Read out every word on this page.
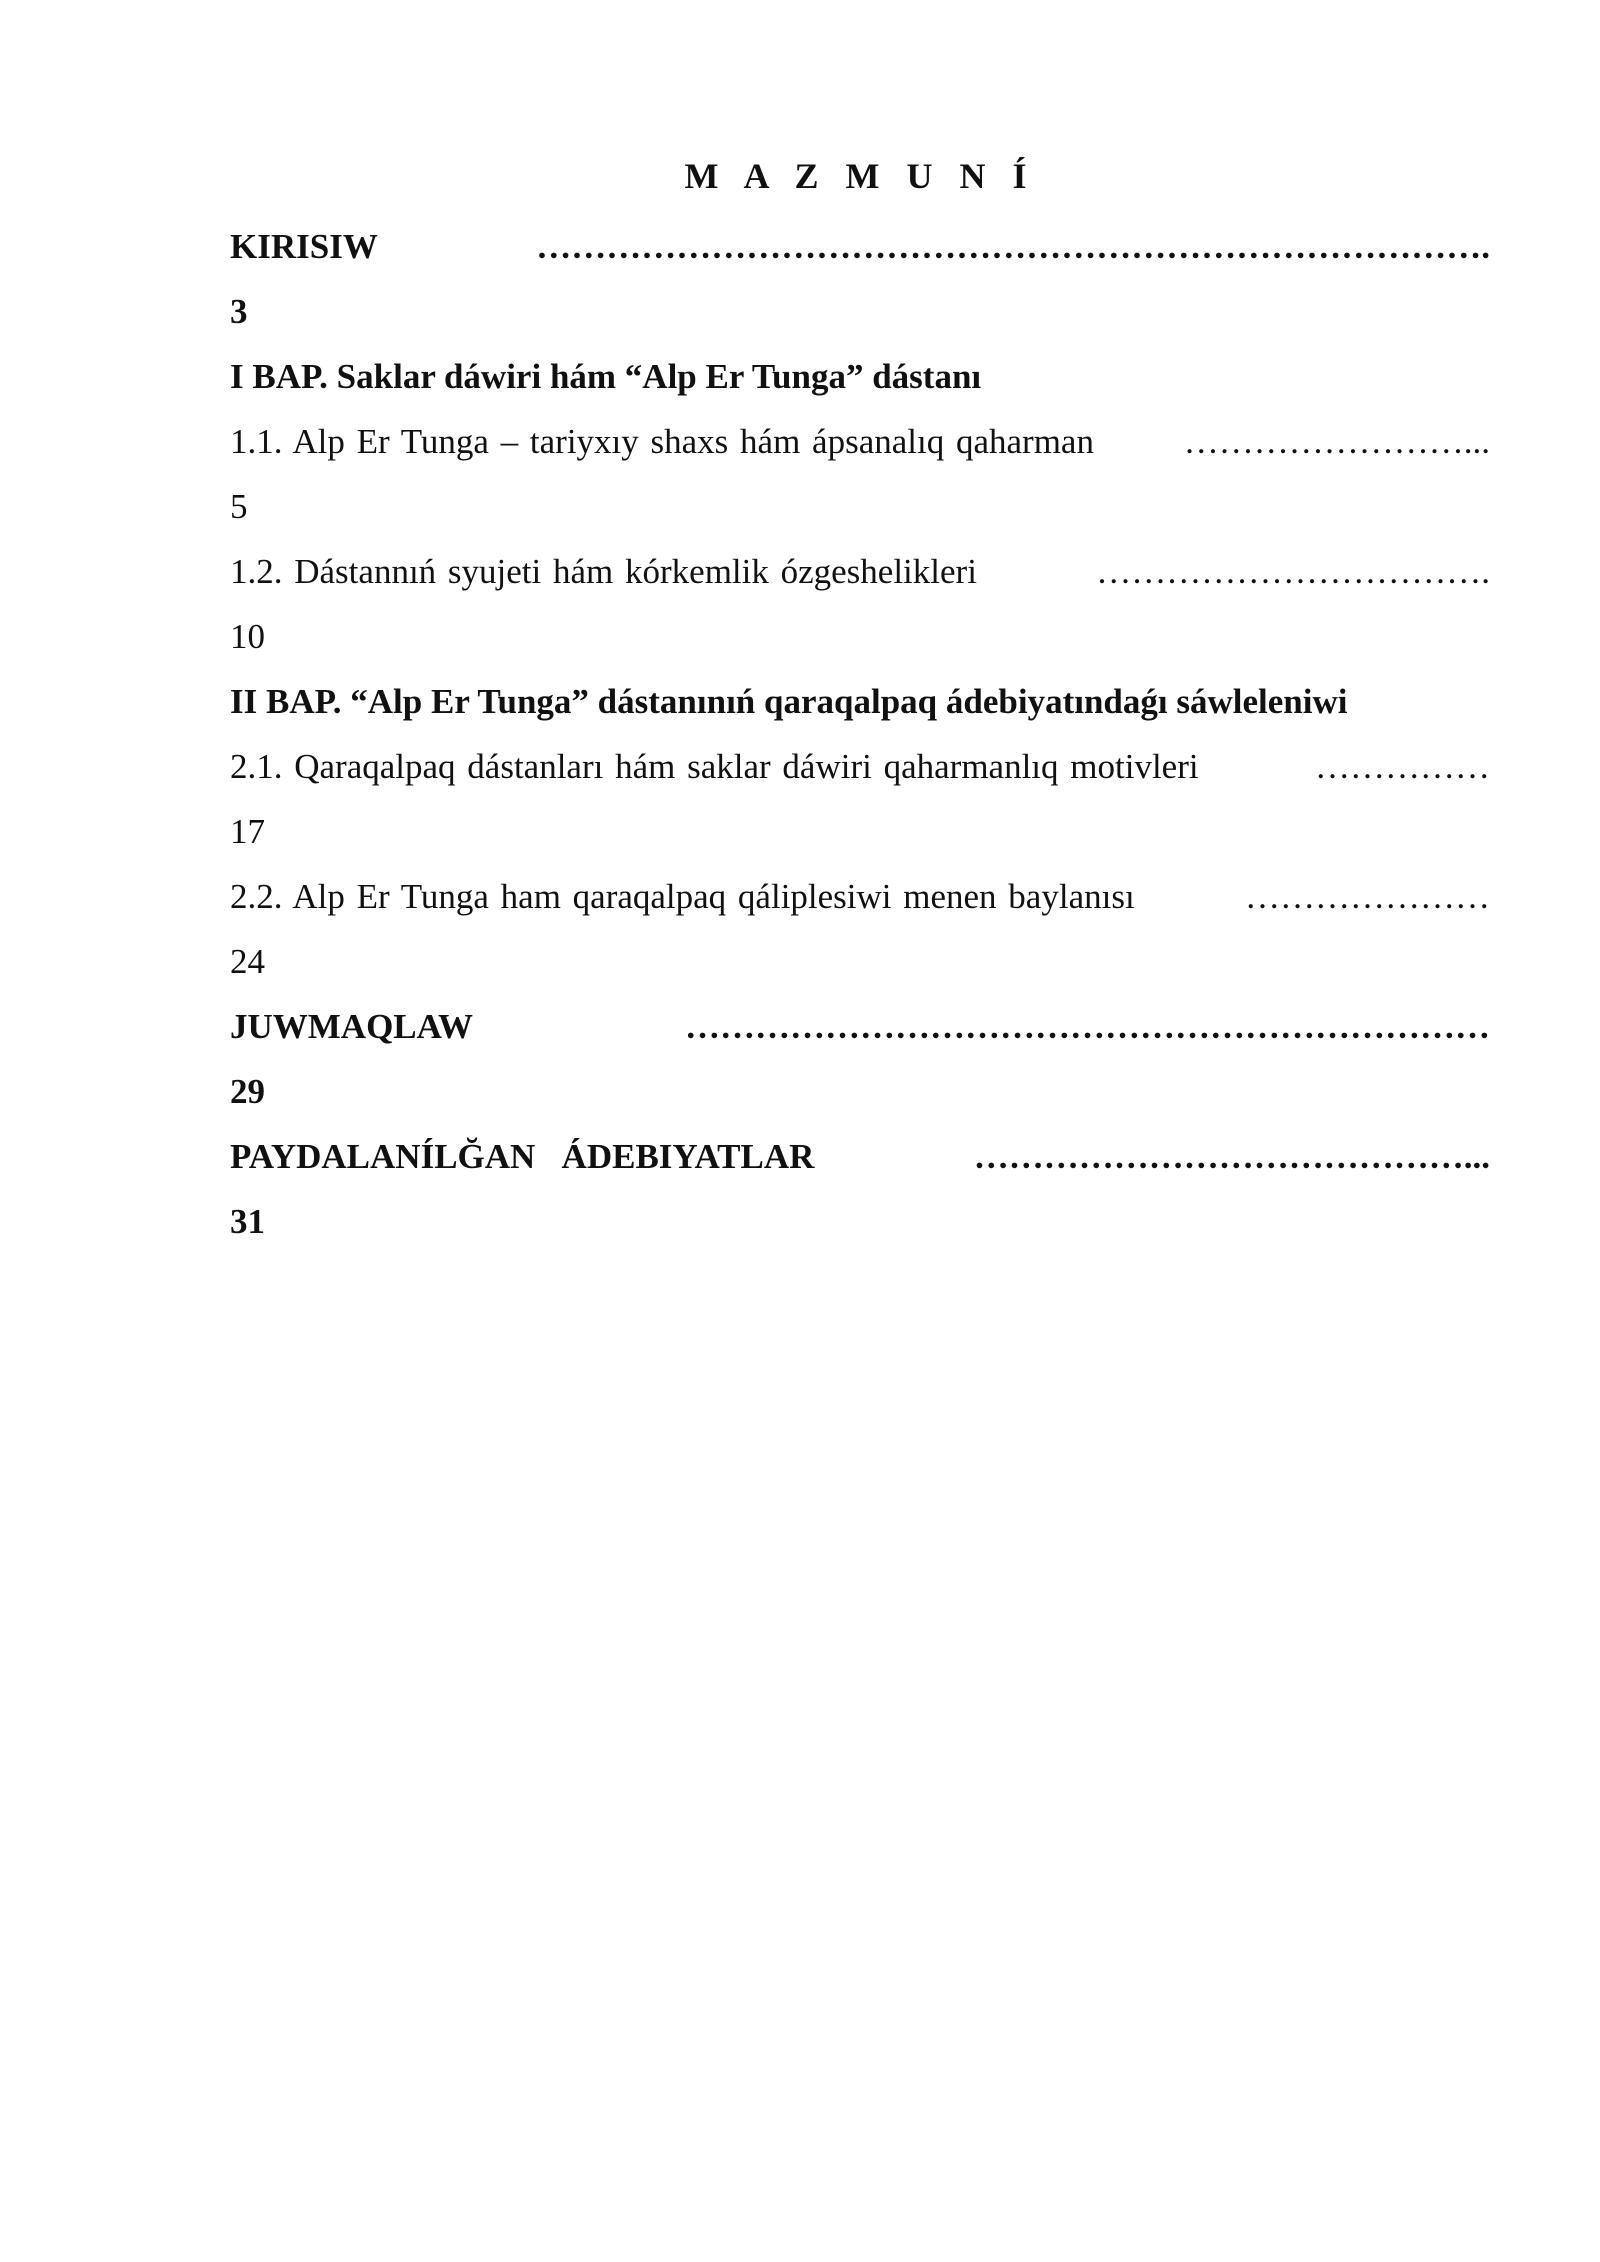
M A Z M U N Í
KIRISIW	……………………………………………………………………….
3
I BAP. Saklar dáwiri hám “Alp Er Tunga” dástanı
1.1. Alp Er Tunga – tariyxıy shaxs hám ápsanalıq qaharman	……………………...
5
1.2. Dástannıń syujeti hám kórkemlik ózgeshelikleri	…………………………….
10
II BAP. “Alp Er Tunga” dástanınıń qaraqalpaq ádebiyatındaǵı sáwleleniwi
2.1. Qaraqalpaq dástanları hám saklar dáwiri qaharmanlıq motivleri	……………
17
2.2. Alp Er Tunga ham qaraqalpaq qáliplesiwi menen baylanısı	…………………
24
JUWMAQLAW	……………………………………………………………
29
PAYDALANÍLĞAN   ÁDEBIYATLAR	……………………………………...
31
